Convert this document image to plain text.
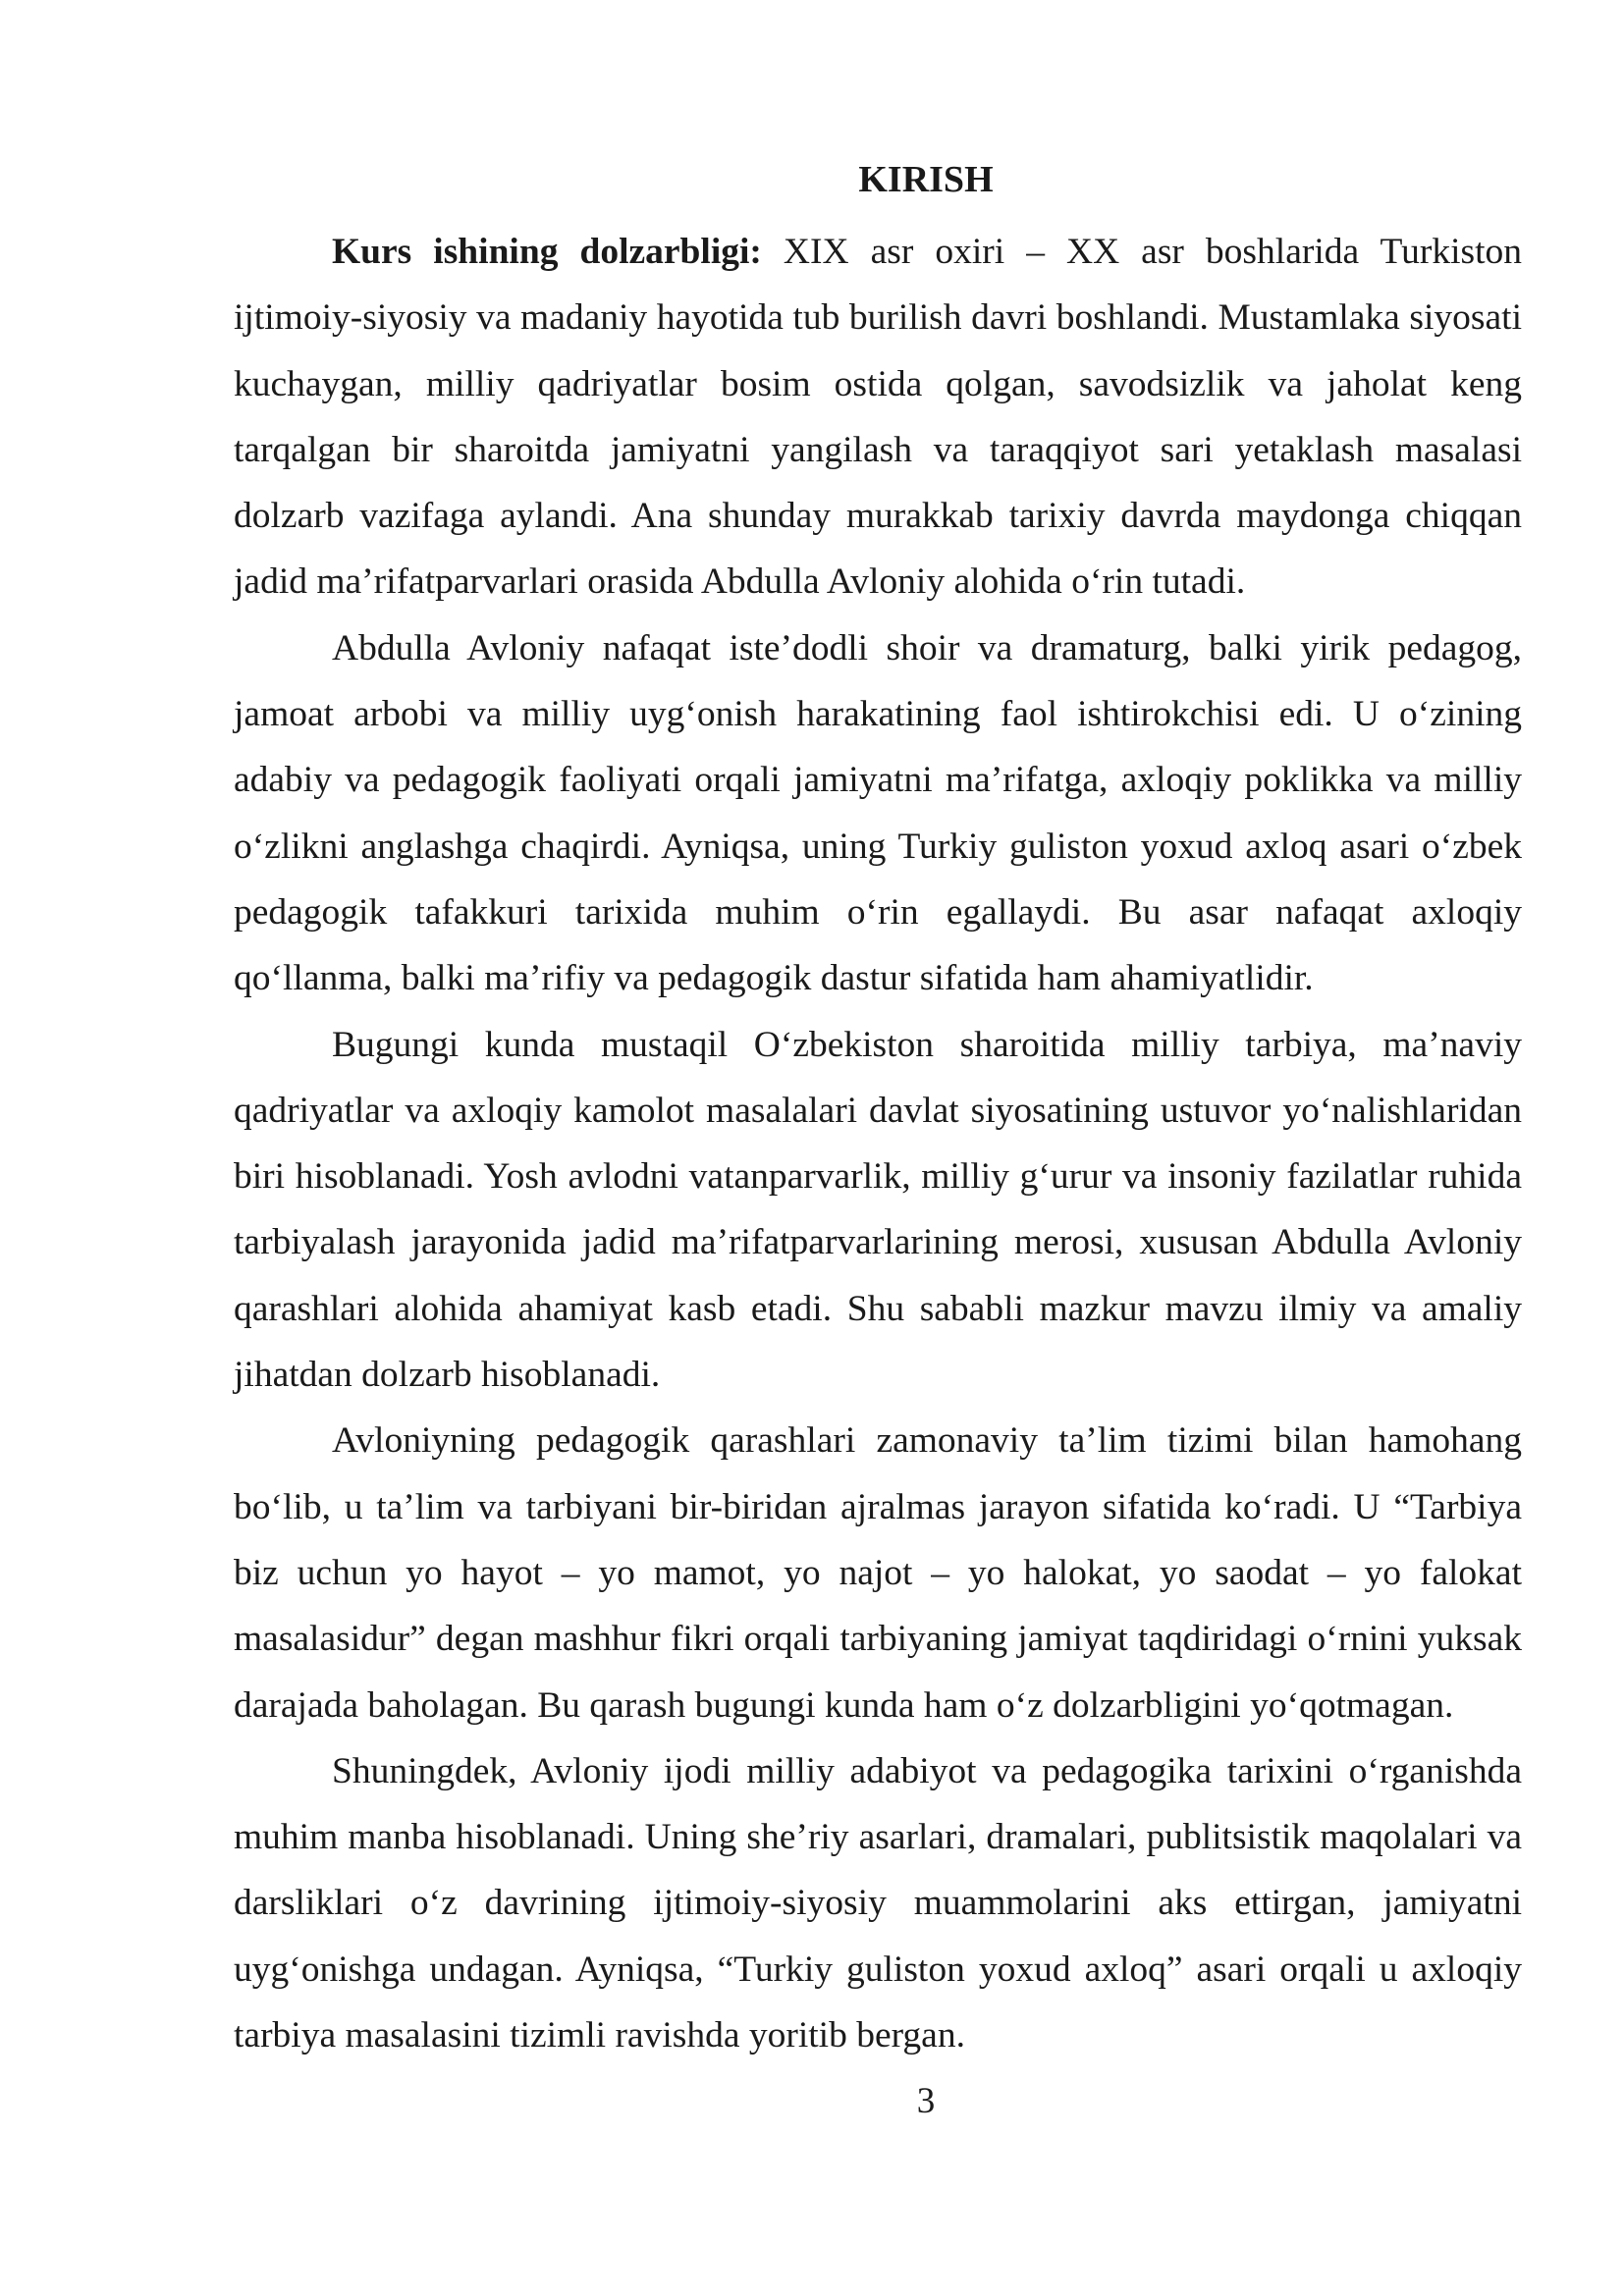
KIRISH

Kurs ishining dolzarbligi: XIX asr oxiri – XX asr boshlarida Turkiston ijtimoiy-siyosiy va madaniy hayotida tub burilish davri boshlandi. Mustamlaka siyosati kuchaygan, milliy qadriyatlar bosim ostida qolgan, savodsizlik va jaholat keng tarqalgan bir sharoitda jamiyatni yangilash va taraqqiyot sari yetaklash masalasi dolzarb vazifaga aylandi. Ana shunday murakkab tarixiy davrda maydonga chiqqan jadid ma’rifatparvarlari orasida Abdulla Avloniy alohida o‘rin tutadi.

Abdulla Avloniy nafaqat iste’dodli shoir va dramaturg, balki yirik pedagog, jamoat arbobi va milliy uyg‘onish harakatining faol ishtirokchisi edi. U o‘zining adabiy va pedagogik faoliyati orqali jamiyatni ma’rifatga, axloqiy poklikka va milliy o‘zlikni anglashga chaqirdi. Ayniqsa, uning Turkiy guliston yoxud axloq asari o‘zbek pedagogik tafakkuri tarixida muhim o‘rin egallaydi. Bu asar nafaqat axloqiy qo‘llanma, balki ma’rifiy va pedagogik dastur sifatida ham ahamiyatlidir.

Bugungi kunda mustaqil O‘zbekiston sharoitida milliy tarbiya, ma’naviy qadriyatlar va axloqiy kamolot masalalari davlat siyosatining ustuvor yo‘nalishlaridan biri hisoblanadi. Yosh avlodni vatanparvarlik, milliy g‘urur va insoniy fazilatlar ruhida tarbiyalash jarayonida jadid ma’rifatparvarlarining merosi, xususan Abdulla Avloniy qarashlari alohida ahamiyat kasb etadi. Shu sababli mazkur mavzu ilmiy va amaliy jihatdan dolzarb hisoblanadi.

Avloniyning pedagogik qarashlari zamonaviy ta’lim tizimi bilan hamohang bo‘lib, u ta’lim va tarbiyani bir-biridan ajralmas jarayon sifatida ko‘radi. U “Tarbiya biz uchun yo hayot – yo mamot, yo najot – yo halokat, yo saodat – yo falokat masalasidur” degan mashhur fikri orqali tarbiyaning jamiyat taqdiridagi o‘rnini yuksak darajada baholagan. Bu qarash bugungi kunda ham o‘z dolzarbligini yo‘qotmagan.

Shuningdek, Avloniy ijodi milliy adabiyot va pedagogika tarixini o‘rganishda muhim manba hisoblanadi. Uning she’riy asarlari, dramalari, publitsistik maqolalari va darsliklari o‘z davrining ijtimoiy-siyosiy muammolarini aks ettirgan, jamiyatni uyg‘onishga undagan. Ayniqsa, “Turkiy guliston yoxud axloq” asari orqali u axloqiy tarbiya masalasini tizimli ravishda yoritib bergan.

3
